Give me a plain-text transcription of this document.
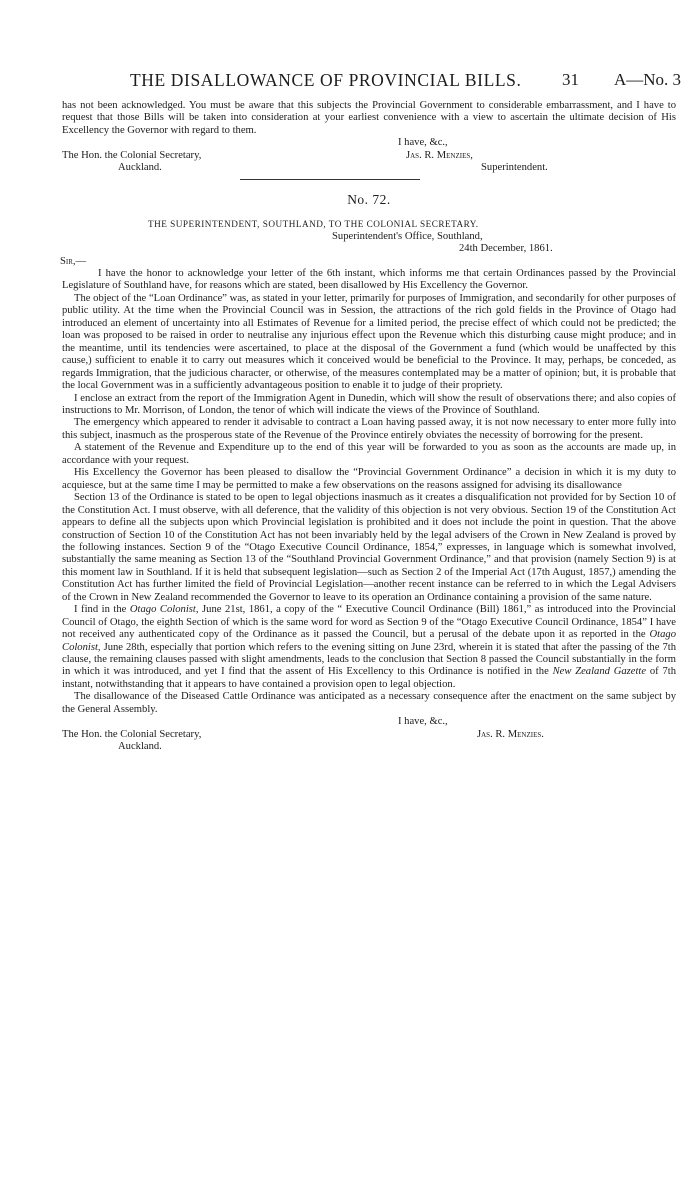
THE DISALLOWANCE OF PROVINCIAL BILLS. 31 A—No. 3

has not been acknowledged. You must be aware that this subjects the Provincial Government to considerable embarrassment, and I have to request that those Bills will be taken into consideration at your earliest convenience with a view to ascertain the ultimate decision of His Excellency the Governor with regard to them.

I have, &c.,
The Hon. the Colonial Secretary,	Jas. R. Menzies,
Auckland.	Superintendent.
No. 72.
THE SUPERINTENDENT, SOUTHLAND, TO THE COLONIAL SECRETARY.
Superintendent's Office, Southland,
24th December, 1861.
Sir,—

I have the honor to acknowledge your letter of the 6th instant, which informs me that certain Ordinances passed by the Provincial Legislature of Southland have, for reasons which are stated, been disallowed by His Excellency the Governor.

The object of the “Loan Ordinance” was, as stated in your letter, primarily for purposes of Immigration, and secondarily for other purposes of public utility. At the time when the Provincial Council was in Session, the attractions of the rich gold fields in the Province of Otago had introduced an element of uncertainty into all Estimates of Revenue for a limited period, the precise effect of which could not be predicted; the loan was proposed to be raised in order to neutralise any injurious effect upon the Revenue which this disturbing cause might produce; and in the meantime, until its tendencies were ascertained, to place at the disposal of the Government a fund (which would be unaffected by this cause,) sufficient to enable it to carry out measures which it conceived would be beneficial to the Province. It may, perhaps, be conceded, as regards Immigration, that the judicious character, or otherwise, of the measures contemplated may be a matter of opinion; but, it is probable that the local Government was in a sufficiently advantageous position to enable it to judge of their propriety.

I enclose an extract from the report of the Immigration Agent in Dunedin, which will show the result of observations there; and also copies of instructions to Mr. Morrison, of London, the tenor of which will indicate the views of the Province of Southland.

The emergency which appeared to render it advisable to contract a Loan having passed away, it is not now necessary to enter more fully into this subject, inasmuch as the prosperous state of the Revenue of the Province entirely obviates the necessity of borrowing for the present.

A statement of the Revenue and Expenditure up to the end of this year will be forwarded to you as soon as the accounts are made up, in accordance with your request.

His Excellency the Governor has been pleased to disallow the “Provincial Government Ordinance” a decision in which it is my duty to acquiesce, but at the same time I may be permitted to make a few observations on the reasons assigned for advising its disallowance

Section 13 of the Ordinance is stated to be open to legal objections inasmuch as it creates a disqualification not provided for by Section 10 of the Constitution Act. I must observe, with all deference, that the validity of this objection is not very obvious. Section 19 of the Constitution Act appears to define all the subjects upon which Provincial legislation is prohibited and it does not include the point in question. That the above construction of Section 10 of the Constitution Act has not been invariably held by the legal advisers of the Crown in New Zealand is proved by the following instances. Section 9 of the “Otago Executive Council Ordinance, 1854,” expresses, in language which is somewhat involved, substantially the same meaning as Section 13 of the “Southland Provincial Government Ordinance,” and that provision (namely Section 9) is at this moment law in Southland. If it is held that subsequent legislation—such as Section 2 of the Imperial Act (17th August, 1857,) amending the Constitution Act has further limited the field of Provincial Legislation—another recent instance can be referred to in which the Legal Advisers of the Crown in New Zealand recommended the Governor to leave to its operation an Ordinance containing a provision of the same nature.

I find in the Otago Colonist, June 21st, 1861, a copy of the “ Executive Council Ordinance (Bill) 1861,” as introduced into the Provincial Council of Otago, the eighth Section of which is the same word for word as Section 9 of the “Otago Executive Council Ordinance, 1854” I have not received any authenticated copy of the Ordinance as it passed the Council, but a perusal of the debate upon it as reported in the Otago Colonist, June 28th, especially that portion which refers to the evening sitting on June 23rd, wherein it is stated that after the passing of the 7th clause, the remaining clauses passed with slight amendments, leads to the conclusion that Section 8 passed the Council substantially in the form in which it was introduced, and yet I find that the assent of His Excellency to this Ordinance is notified in the New Zealand Gazette of 7th instant, notwithstanding that it appears to have contained a provision open to legal objection.

The disallowance of the Diseased Cattle Ordinance was anticipated as a necessary consequence after the enactment on the same subject by the General Assembly.

I have, &c.,
The Hon. the Colonial Secretary,	Jas. R. Menzies.
Auckland.
